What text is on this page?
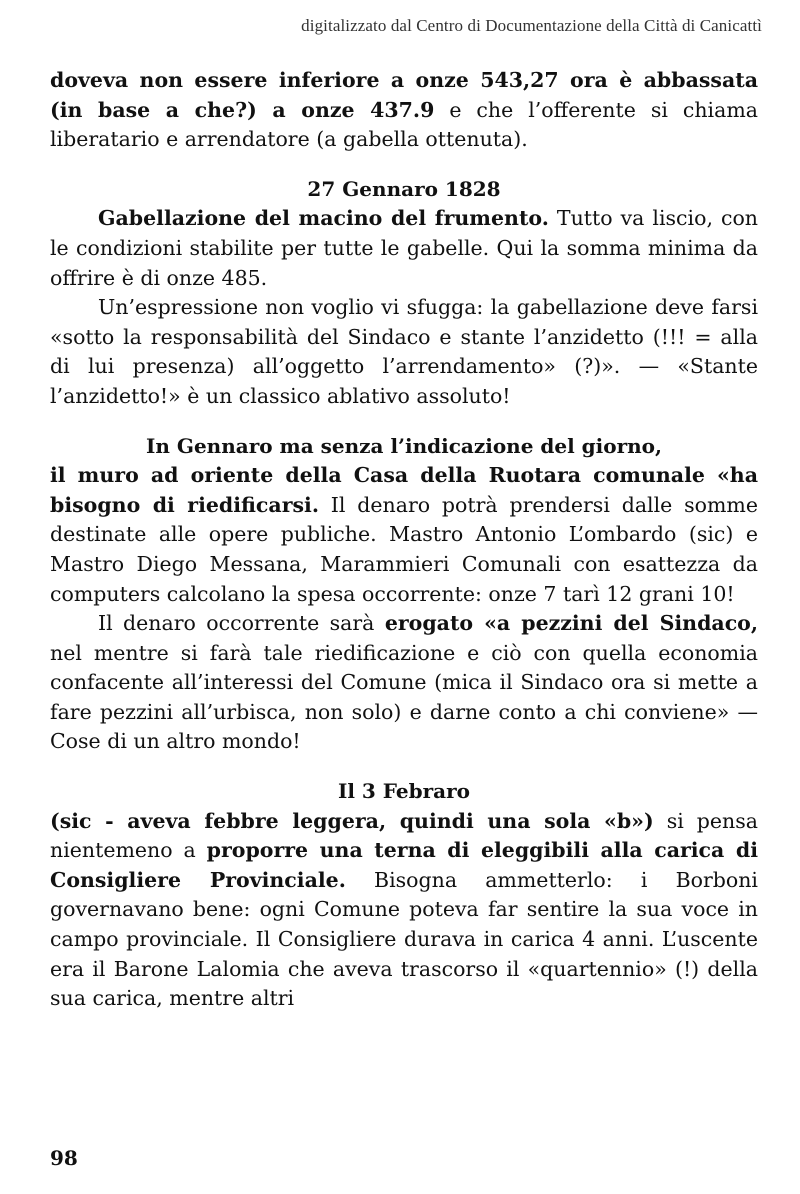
digitalizzato dal Centro di Documentazione della Città di Canicattì

doveva non essere inferiore a onze 543,27 ora è abbassata (in base a che?) a onze 437.9 e che l’offerente si chiama liberatario e arrendatore (a gabella ottenuta).

27 Gennaro 1828

Gabellazione del macino del frumento. Tutto va liscio, con le condizioni stabilite per tutte le gabelle. Qui la somma minima da offrire è di onze 485.

Un’espressione non voglio vi sfugga: la gabellazione deve farsi «sotto la responsabilità del Sindaco e stante l’anzidetto (!!! = alla di lui presenza) all’oggetto l’arrendamento» (?)». — «Stante l’anzidetto!» è un classico ablativo assoluto!

In Gennaro ma senza l’indicazione del giorno,

il muro ad oriente della Casa della Ruotara comunale «ha bisogno di riedificarsi. Il denaro potrà prendersi dalle somme destinate alle opere publiche. Mastro Antonio L’ombardo (sic) e Mastro Diego Messana, Marammieri Comunali con esattezza da computers calcolano la spesa occorrente: onze 7 tarì 12 grani 10!

Il denaro occorrente sarà erogato «a pezzini del Sindaco, nel mentre si farà tale riedificazione e ciò con quella economia confacente all’interessi del Comune (mica il Sindaco ora si mette a fare pezzini all’urbisca, non solo) e darne conto a chi conviene» — Cose di un altro mondo!

Il 3 Febraro

(sic - aveva febbre leggera, quindi una sola «b») si pensa nientemeno a proporre una terna di eleggibili alla carica di Consigliere Provinciale. Bisogna ammetterlo: i Borboni governavano bene: ogni Comune poteva far sentire la sua voce in campo provinciale. Il Consigliere durava in carica 4 anni. L’uscente era il Barone Lalomia che aveva trascorso il «quartennio» (!) della sua carica, mentre altri

98
